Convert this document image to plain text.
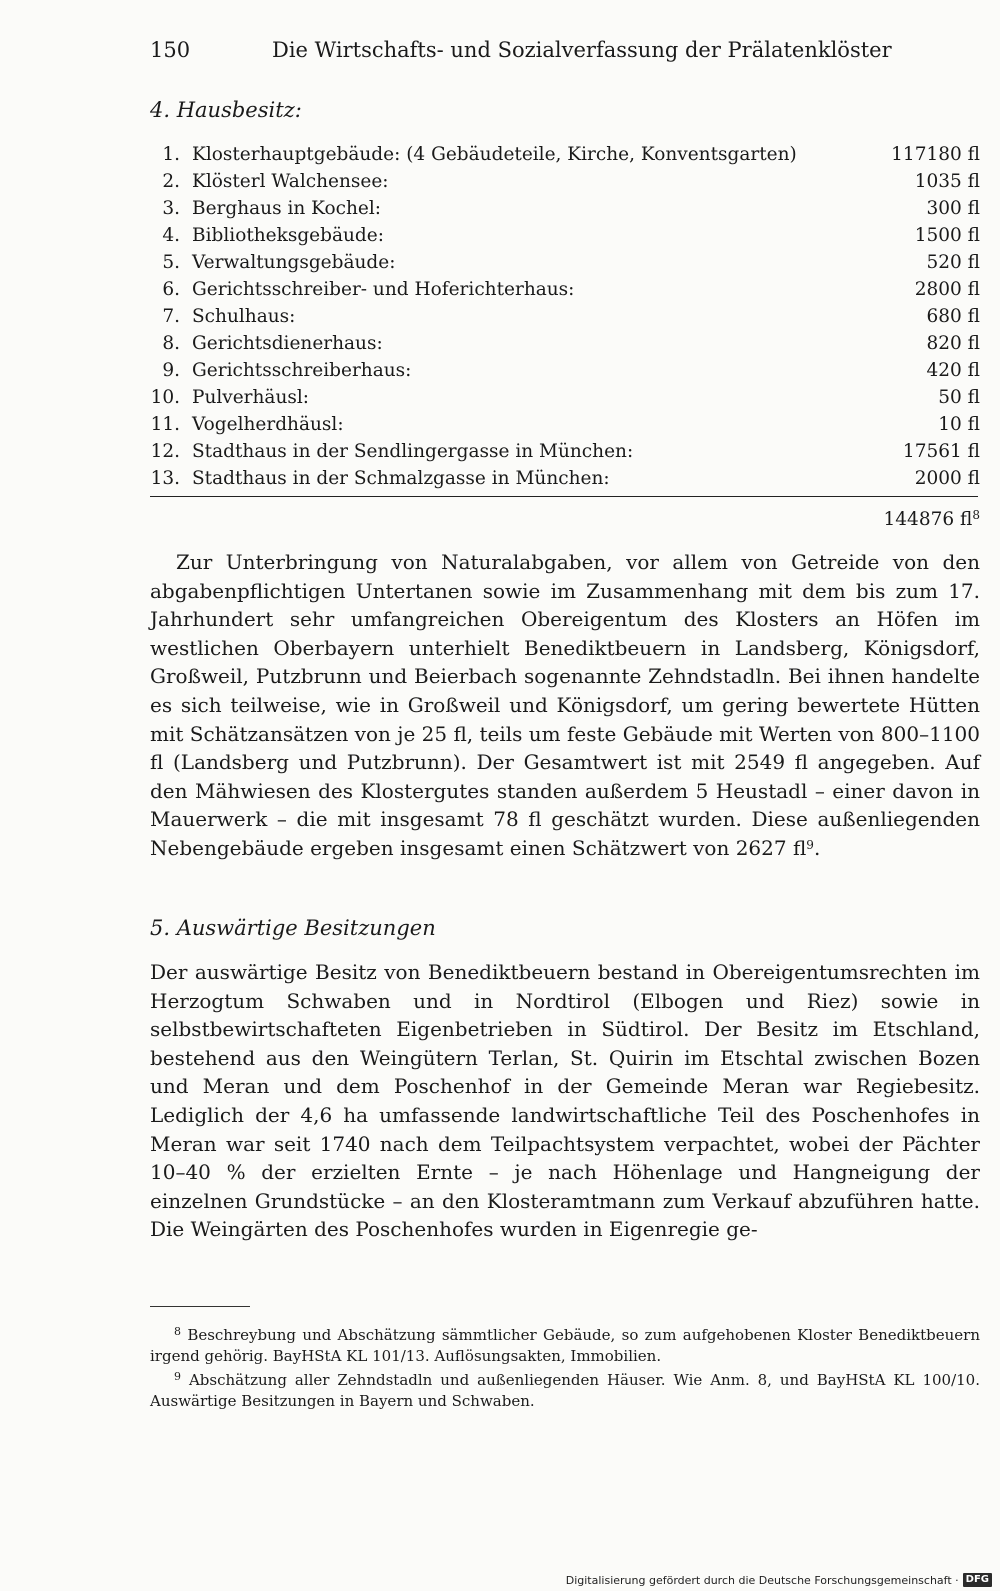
150	Die Wirtschafts- und Sozialverfassung der Prälatenklöster
4. Hausbesitz:
1. Klosterhauptgebäude: (4 Gebäudeteile, Kirche, Konventsgarten)	117180 fl
2. Klösterl Walchensee:	1035 fl
3. Berghaus in Kochel:	300 fl
4. Bibliotheksgebäude:	1500 fl
5. Verwaltungsgebäude:	520 fl
6. Gerichtsschreiber- und Hoferichterhaus:	2800 fl
7. Schulhaus:	680 fl
8. Gerichtsdienerhaus:	820 fl
9. Gerichtsschreiberhaus:	420 fl
10. Pulverhäusl:	50 fl
11. Vogelherdhäusl:	10 fl
12. Stadthaus in der Sendlingergasse in München:	17561 fl
13. Stadthaus in der Schmalzgasse in München:	2000 fl
144876 $fl^8$

Zur Unterbringung von Naturalabgaben, vor allem von Getreide von den abgabenpflichtigen Untertanen sowie im Zusammenhang mit dem bis zum 17. Jahrhundert sehr umfangreichen Obereigentum des Klosters an Höfen im westlichen Oberbayern unterhielt Benediktbeuern in Landsberg, Königsdorf, Großweil, Putzbrunn und Beierbach sogenannte Zehndstadln. Bei ihnen handelte es sich teilweise, wie in Großweil und Königsdorf, um gering bewertete Hütten mit Schätzansätzen von je 25 fl, teils um feste Gebäude mit Werten von 800–1100 fl (Landsberg und Putzbrunn). Der Gesamtwert ist mit 2549 fl angegeben. Auf den Mähwiesen des Klostergutes standen außerdem 5 Heustadl – einer davon in Mauerwerk – die mit insgesamt 78 fl geschätzt wurden. Diese außenliegenden Nebengebäude ergeben insgesamt einen Schätzwert von 2627 $fl^9$.

5. Auswärtige Besitzungen

Der auswärtige Besitz von Benediktbeuern bestand in Obereigentumsrechten im Herzogtum Schwaben und in Nordtirol (Elbogen und Riez) sowie in selbstbewirtschafteten Eigenbetrieben in Südtirol. Der Besitz im Etschland, bestehend aus den Weingütern Terlan, St. Quirin im Etschtal zwischen Bozen und Meran und dem Poschenhof in der Gemeinde Meran war Regiebesitz. Lediglich der 4,6 ha umfassende landwirtschaftliche Teil des Poschenhofes in Meran war seit 1740 nach dem Teilpachtsystem verpachtet, wobei der Pächter 10–40 % der erzielten Ernte – je nach Höhenlage und Hangneigung der einzelnen Grundstücke – an den Klosteramtmann zum Verkauf abzuführen hatte. Die Weingärten des Poschenhofes wurden in Eigenregie ge-

$^8$ Beschreybung und Abschätzung sämmtlicher Gebäude, so zum aufgehobenen Kloster Benediktbeuern irgend gehörig. BayHStA KL 101/13. Auflösungsakten, Immobilien.

$^9$ Abschätzung aller Zehndstadln und außenliegenden Häuser. Wie Anm. 8, und BayHStA KL 100/10. Auswärtige Besitzungen in Bayern und Schwaben.

Digitalisierung gefördert durch die Deutsche Forschungsgemeinschaft · DFG
